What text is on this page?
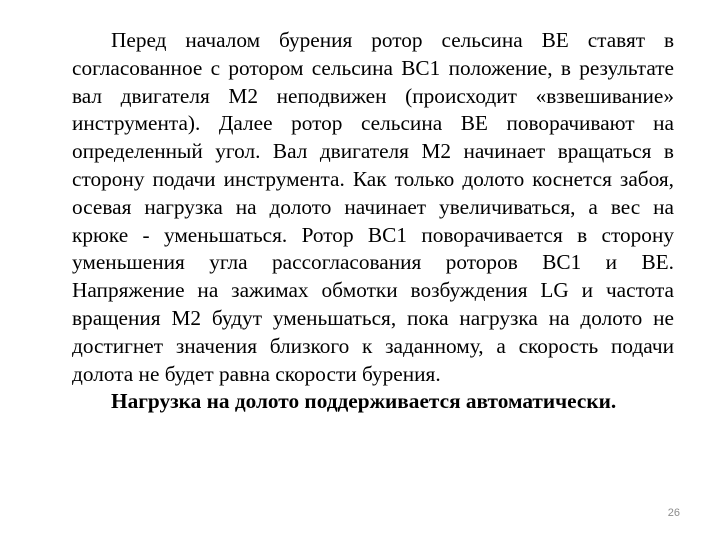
Перед началом бурения ротор сельсина ВЕ ставят в согласованное с ротором сельсина ВС1 положение, в результате вал двигателя М2 неподвижен (происходит «взвешивание» инструмента). Далее ротор сельсина ВЕ поворачивают на определенный угол. Вал двигателя М2 начинает вращаться в сторону подачи инструмента. Как только долото коснется забоя, осевая нагрузка на долото начинает увеличиваться, а вес на крюке - уменьшаться. Ротор ВС1 поворачивается в сторону уменьшения угла рассогласования роторов ВС1 и ВЕ. Напряжение на зажимах обмотки возбуждения LG и частота вращения М2 будут уменьшаться, пока нагрузка на долото не достигнет значения близкого к заданному, а скорость подачи долота не будет равна скорости бурения.

Нагрузка на долото поддерживается автоматически.

26
